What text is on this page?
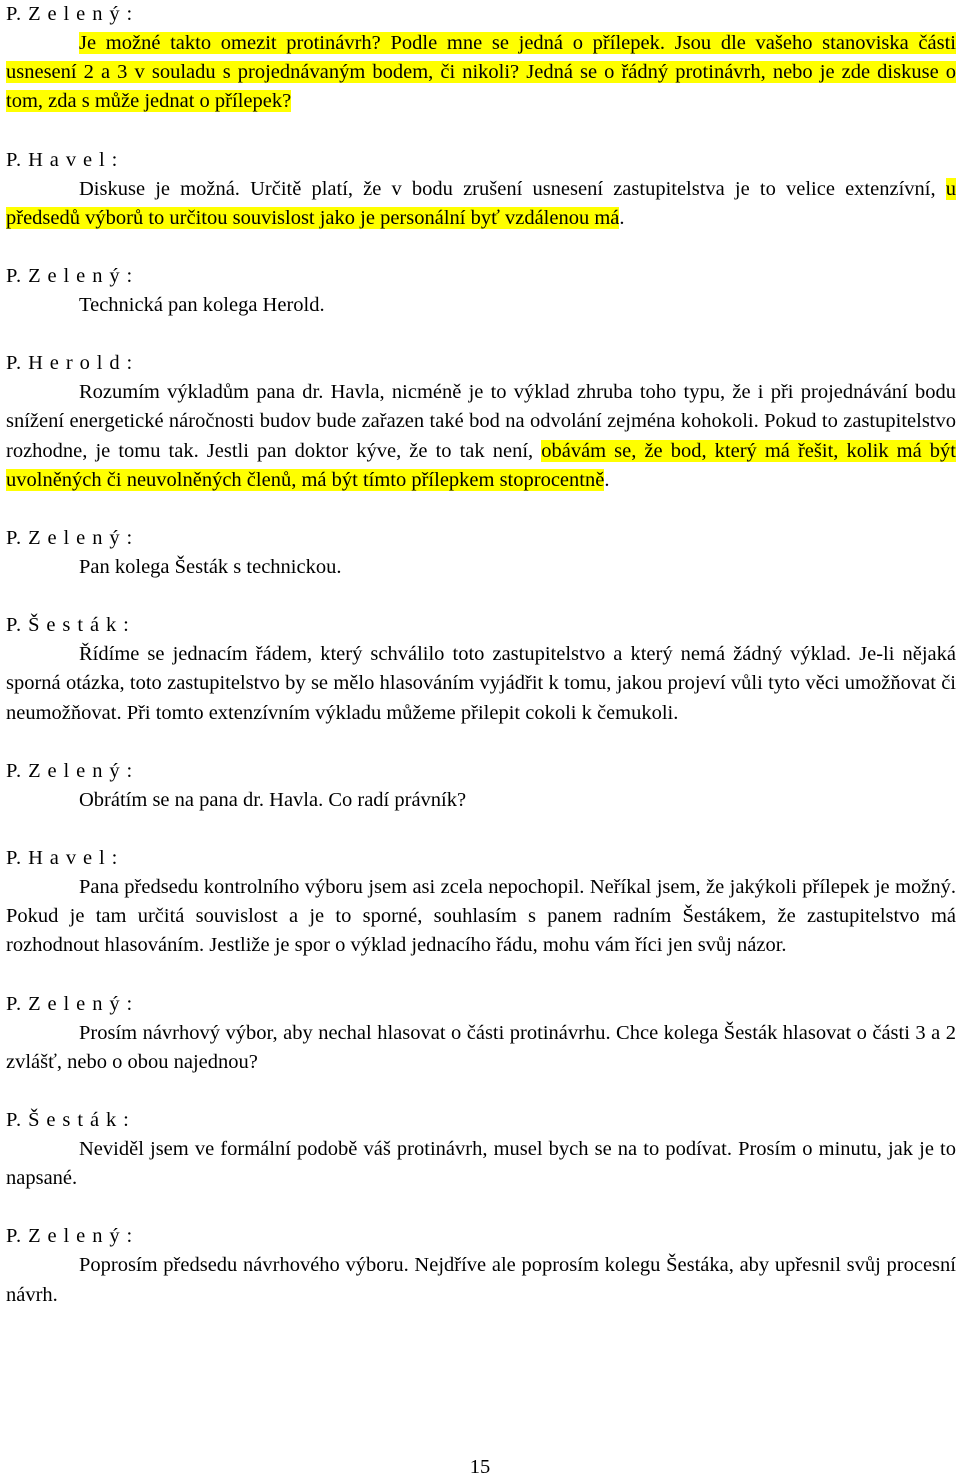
P. Z e l e n ý :

Je možné takto omezit protinávrh? Podle mne se jedná o přílepek. Jsou dle vašeho stanoviska části usnesení 2 a 3 v souladu s projednávaným bodem, či nikoli? Jedná se o řádný protinávrh, nebo je zde diskuse o tom, zda s může jednat o přílepek?

P. H a v e l :

Diskuse je možná. Určitě platí, že v bodu zrušení usnesení zastupitelstva je to velice extenzívní, u předsedů výborů to určitou souvislost jako je personální byť vzdálenou má.

P. Z e l e n ý :

Technická pan kolega Herold.

P. H e r o l d :

Rozumím výkladům pana dr. Havla, nicméně je to výklad zhruba toho typu, že i při projednávání bodu snížení energetické náročnosti budov bude zařazen také bod na odvolání zejména kohokoli. Pokud to zastupitelstvo rozhodne, je tomu tak. Jestli pan doktor kýve, že to tak není, obávám se, že bod, který má řešit, kolik má být uvolněných či neuvolněných členů, má být tímto přílepkem stoprocentně.

P. Z e l e n ý :

Pan kolega Šesták s technickou.

P. Š e s t á k :

Řídíme se jednacím řádem, který schválilo toto zastupitelstvo a který nemá žádný výklad. Je-li nějaká sporná otázka, toto zastupitelstvo by se mělo hlasováním vyjádřit k tomu, jakou projeví vůli tyto věci umožňovat či neumožňovat. Při tomto extenzívním výkladu můžeme přilepit cokoli k čemukoli.

P. Z e l e n ý :

Obrátím se na pana dr. Havla. Co radí právník?

P. H a v e l :

Pana předsedu kontrolního výboru jsem asi zcela nepochopil. Neříkal jsem, že jakýkoli přílepek je možný. Pokud je tam určitá souvislost a je to sporné, souhlasím s panem radním Šestákem, že zastupitelstvo má rozhodnout hlasováním. Jestliže je spor o výklad jednacího řádu, mohu vám říci jen svůj názor.

P. Z e l e n ý :

Prosím návrhový výbor, aby nechal hlasovat o části protinávrhu. Chce kolega Šesták hlasovat o části 3 a 2 zvlášť, nebo o obou najednou?

P. Š e s t á k :

Neviděl jsem ve formální podobě váš protinávrh, musel bych se na to podívat. Prosím o minutu, jak je to napsané.

P. Z e l e n ý :

Poprosím předsedu návrhového výboru. Nejdříve ale poprosím kolegu Šestáka, aby upřesnil svůj procesní návrh.

15
